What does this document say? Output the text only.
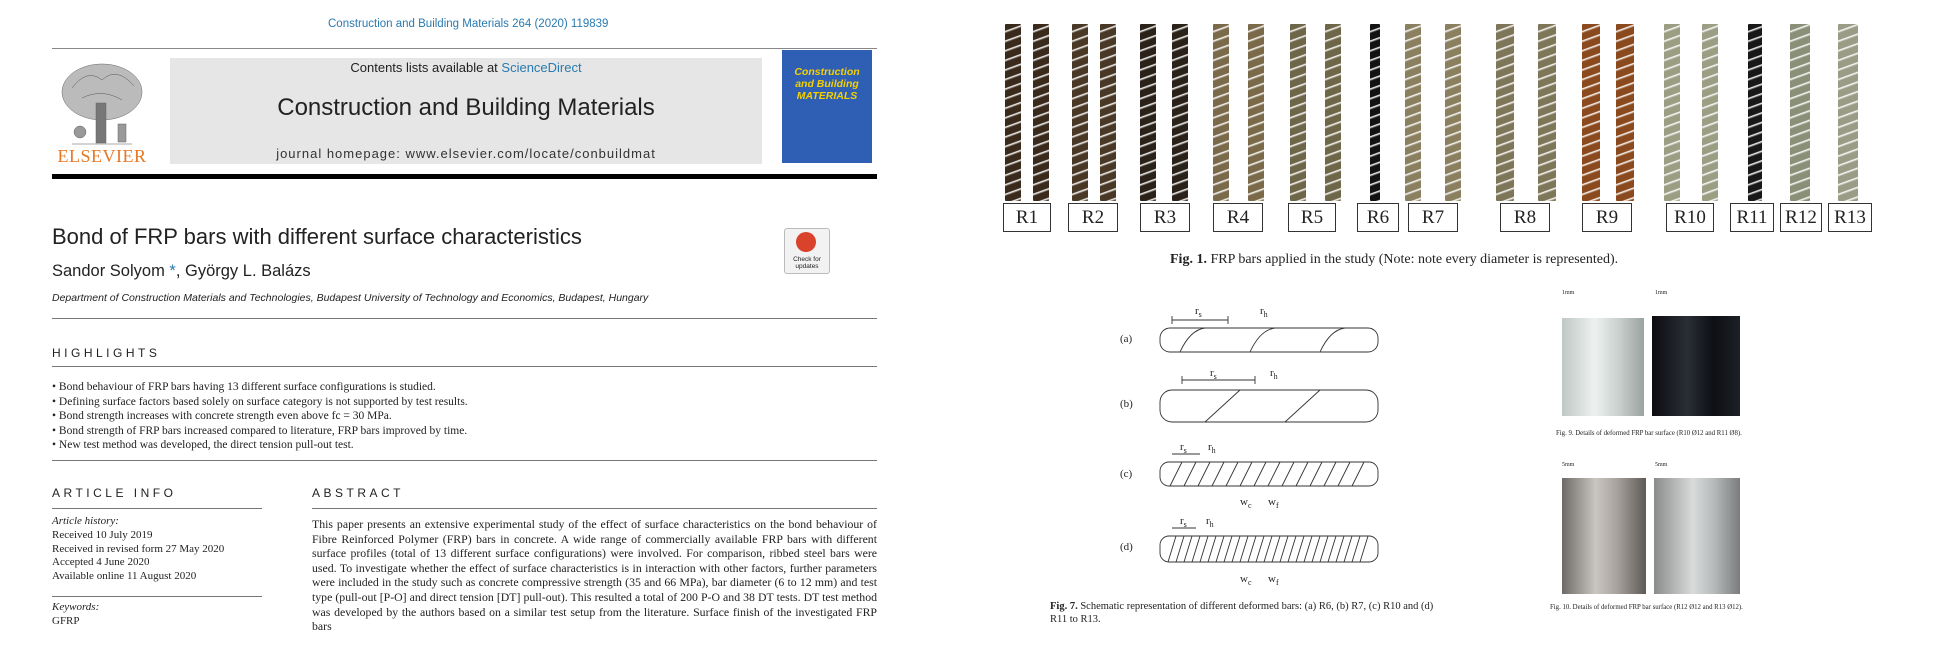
Construction and Building Materials 264 (2020) 119839
ELSEVIER
Contents lists available at ScienceDirect
Construction and Building Materials
journal homepage: www.elsevier.com/locate/conbuildmat
Construction and Building MATERIALS
Bond of FRP bars with different surface characteristics
Check for updates
Sandor Solyom *, György L. Balázs
Department of Construction Materials and Technologies, Budapest University of Technology and Economics, Budapest, Hungary
HIGHLIGHTS
• Bond behaviour of FRP bars having 13 different surface configurations is studied.
• Defining surface factors based solely on surface category is not supported by test results.
• Bond strength increases with concrete strength even above fc = 30 MPa.
• Bond strength of FRP bars increased compared to literature, FRP bars improved by time.
• New test method was developed, the direct tension pull-out test.
ARTICLE INFO	ABSTRACT
Article history:
Received 10 July 2019
Received in revised form 27 May 2020
Accepted 4 June 2020
Available online 11 August 2020
Keywords:
GFRP
This paper presents an extensive experimental study of the effect of surface characteristics on the bond behaviour of Fibre Reinforced Polymer (FRP) bars in concrete. A wide range of commercially available FRP bars with different surface profiles (total of 13 different surface configurations) were involved. For comparison, ribbed steel bars were used. To investigate whether the effect of surface characteristics is in interaction with other factors, further parameters were included in the study such as concrete compressive strength (35 and 66 MPa), bar diameter (6 to 12 mm) and test type (pull-out [P-O] and direct tension [DT] pull-out). This resulted a total of 200 P-O and 38 DT tests. DT test method was developed by the authors based on a similar test setup from the literature. Surface finish of the investigated FRP bars
R1	R2	R3	R4	R5	R6	R7	R8	R9	R10	R11 R12 R13
Fig. 1. FRP bars applied in the study (Note: note every diameter is represented).
(a)
(b)
(c)
(d)
$r_s$	$r_h$
$r_s$	$r_h$
$r_s$ $r_h$
$w_c$ $w_f$
$r_s$ $r_h$
$w_c$ $w_f$
Fig. 7. Schematic representation of different deformed bars: (a) R6, (b) R7, (c) R10 and (d) R11 to R13.
1mm	1mm
Fig. 9. Details of deformed FRP bar surface (R10 Ø12 and R11 Ø8).
5mm	5mm
Fig. 10. Details of deformed FRP bar surface (R12 Ø12 and R13 Ø12).
